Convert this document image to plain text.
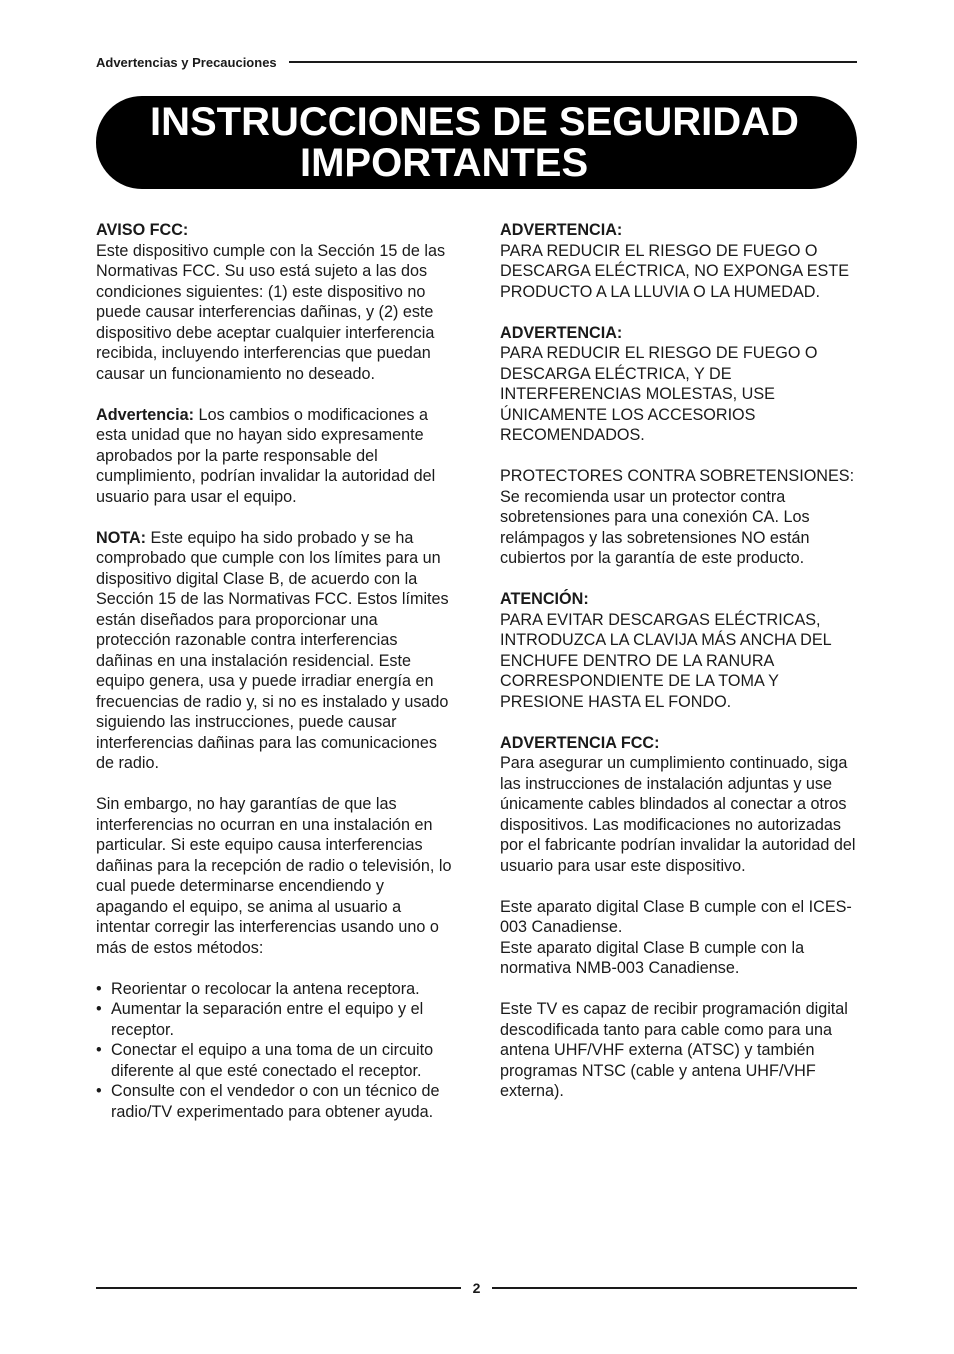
Advertencias y Precauciones
INSTRUCCIONES DE SEGURIDAD
IMPORTANTES

AVISO FCC:
Este dispositivo cumple con la Sección 15 de las Normativas FCC. Su uso está sujeto a las dos condiciones siguientes: (1) este dispositivo no puede causar interferencias dañinas, y (2) este dispositivo debe aceptar cualquier interferencia recibida, incluyendo interferencias que puedan causar un funcionamiento no deseado.

Advertencia: Los cambios o modificaciones a esta unidad que no hayan sido expresamente aprobados por la parte responsable del cumplimiento, podrían invalidar la autoridad del usuario para usar el equipo.

NOTA: Este equipo ha sido probado y se ha comprobado que cumple con los límites para un dispositivo digital Clase B, de acuerdo con la Sección 15 de las Normativas FCC. Estos límites están diseñados para proporcionar una protección razonable contra interferencias dañinas en una instalación residencial. Este equipo genera, usa y puede irradiar energía en frecuencias de radio y, si no es instalado y usado siguiendo las instrucciones, puede causar interferencias dañinas para las comunicaciones de radio.

Sin embargo, no hay garantías de que las interferencias no ocurran en una instalación en particular. Si este equipo causa interferencias dañinas para la recepción de radio o televisión, lo cual puede determinarse encendiendo y apagando el equipo, se anima al usuario a intentar corregir las interferencias usando uno o más de estos métodos:

• Reorientar o recolocar la antena receptora.
• Aumentar la separación entre el equipo y el receptor.
• Conectar el equipo a una toma de un circuito diferente al que esté conectado el receptor.
• Consulte con el vendedor o con un técnico de radio/TV experimentado para obtener ayuda.

ADVERTENCIA:
PARA REDUCIR EL RIESGO DE FUEGO O DESCARGA ELÉCTRICA, NO EXPONGA ESTE PRODUCTO A LA LLUVIA O LA HUMEDAD.

ADVERTENCIA:
PARA REDUCIR EL RIESGO DE FUEGO O DESCARGA ELÉCTRICA, Y DE INTERFERENCIAS MOLESTAS, USE ÚNICAMENTE LOS ACCESORIOS RECOMENDADOS.

PROTECTORES CONTRA SOBRETENSIONES:
Se recomienda usar un protector contra sobretensiones para una conexión CA. Los relámpagos y las sobretensiones NO están cubiertos por la garantía de este producto.

ATENCIÓN:
PARA EVITAR DESCARGAS ELÉCTRICAS, INTRODUZCA LA CLAVIJA MÁS ANCHA DEL ENCHUFE DENTRO DE LA RANURA CORRESPONDIENTE DE LA TOMA Y PRESIONE HASTA EL FONDO.

ADVERTENCIA FCC:
Para asegurar un cumplimiento continuado, siga las instrucciones de instalación adjuntas y use únicamente cables blindados al conectar a otros dispositivos. Las modificaciones no autorizadas por el fabricante podrían invalidar la autoridad del usuario para usar este dispositivo.

Este aparato digital Clase B cumple con el ICES-003 Canadiense.
Este aparato digital Clase B cumple con la normativa NMB-003 Canadiense.

Este TV es capaz de recibir programación digital descodificada tanto para cable como para una antena UHF/VHF externa (ATSC) y también programas NTSC (cable y antena UHF/VHF externa).

2
